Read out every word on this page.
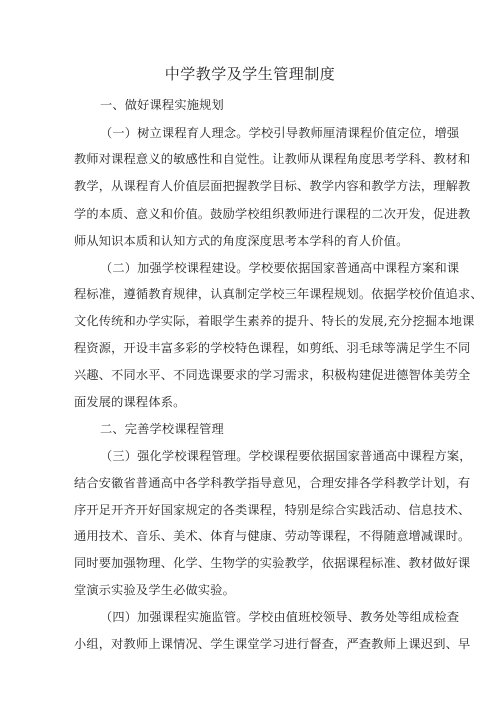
中学教学及学生管理制度
一、做好课程实施规划
（一）树立课程育人理念。学校引导教师厘清课程价值定位，增强
教师对课程意义的敏感性和自觉性。让教师从课程角度思考学科、教材和
教学，从课程育人价值层面把握教学目标、教学内容和教学方法，理解教
学的本质、意义和价值。鼓励学校组织教师进行课程的二次开发，促进教
师从知识本质和认知方式的角度深度思考本学科的育人价值。
（二）加强学校课程建设。学校要依据国家普通高中课程方案和课
程标准，遵循教育规律，认真制定学校三年课程规划。依据学校价值追求、
文化传统和办学实际，着眼学生素养的提升、特长的发展,充分挖掘本地课
程资源，开设丰富多彩的学校特色课程，如剪纸、羽毛球等满足学生不同
兴趣、不同水平、不同选课要求的学习需求，积极构建促进德智体美劳全
面发展的课程体系。
二、完善学校课程管理
（三）强化学校课程管理。学校课程要依据国家普通高中课程方案，
结合安徽省普通高中各学科教学指导意见，合理安排各学科教学计划，有
序开足开齐开好国家规定的各类课程，特别是综合实践活动、信息技术、
通用技术、音乐、美术、体育与健康、劳动等课程，不得随意增减课时。
同时要加强物理、化学、生物学的实验教学，依据课程标准、教材做好课
堂演示实验及学生必做实验。
（四）加强课程实施监管。学校由值班校领导、教务处等组成检查
小组，对教师上课情况、学生课堂学习进行督查，严查教师上课迟到、早
